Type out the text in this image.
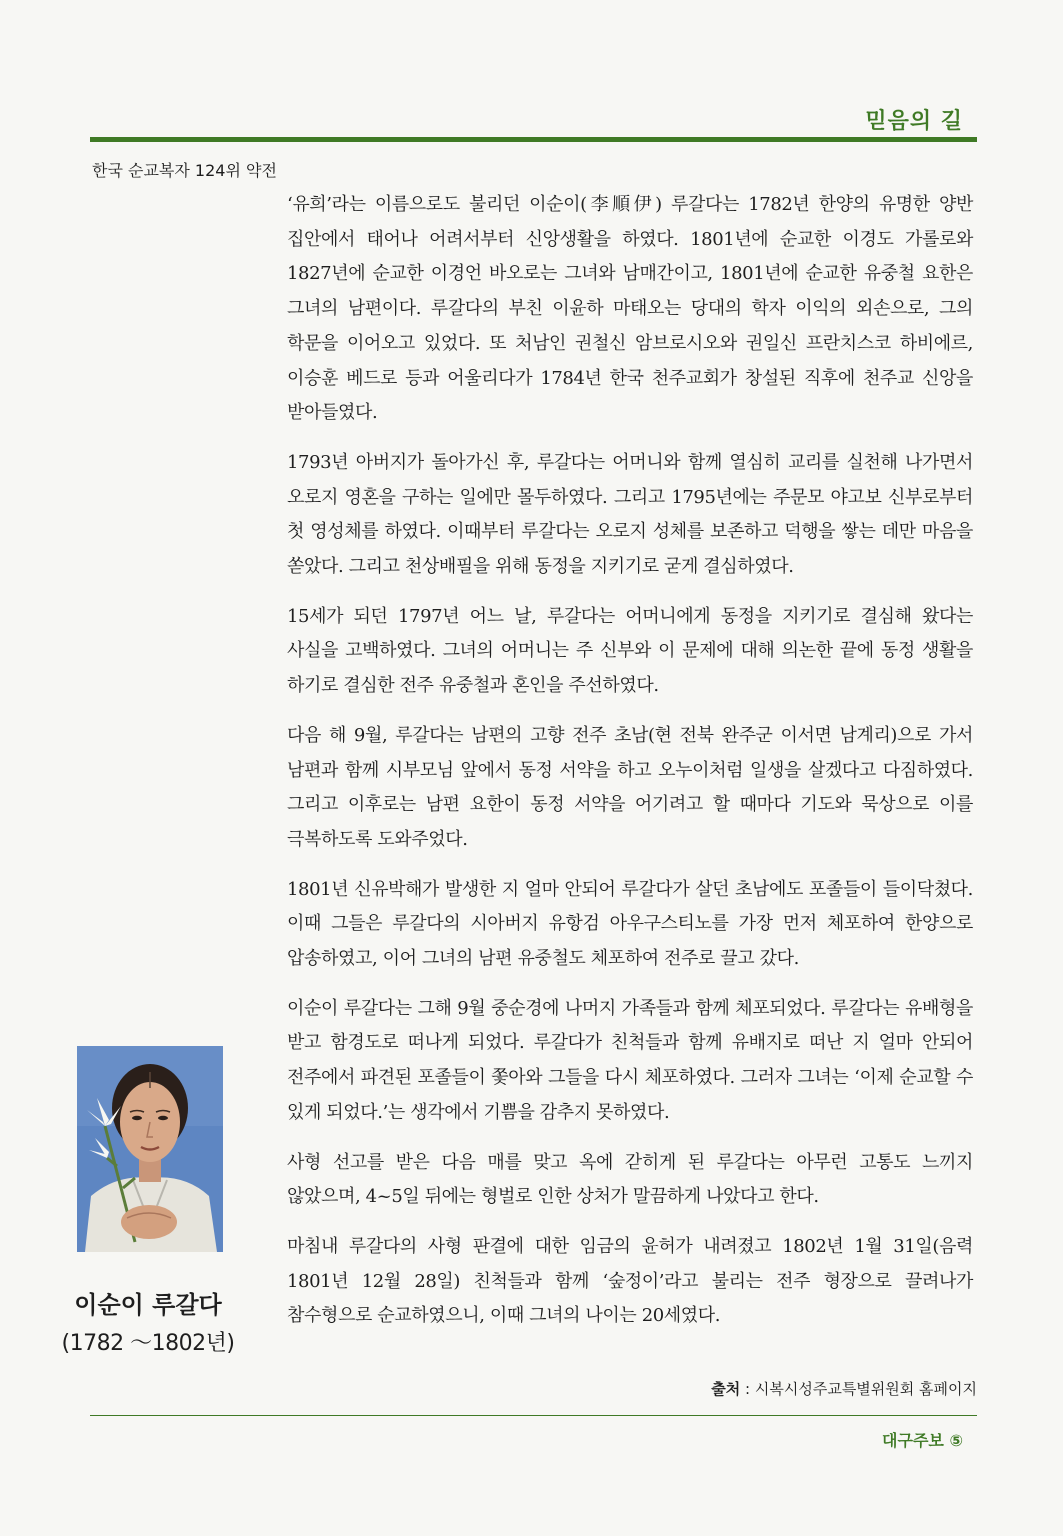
믿음의 길
한국 순교복자 124위 약전

‘유희’라는 이름으로도 불리던 이순이(李順伊) 루갈다는 1782년 한양의 유명한 양반 집안에서 태어나 어려서부터 신앙생활을 하였다. 1801년에 순교한 이경도 가롤로와 1827년에 순교한 이경언 바오로는 그녀와 남매간이고, 1801년에 순교한 유중철 요한은 그녀의 남편이다. 루갈다의 부친 이윤하 마태오는 당대의 학자 이익의 외손으로, 그의 학문을 이어오고 있었다. 또 처남인 권철신 암브로시오와 권일신 프란치스코 하비에르, 이승훈 베드로 등과 어울리다가 1784년 한국 천주교회가 창설된 직후에 천주교 신앙을 받아들였다.

1793년 아버지가 돌아가신 후, 루갈다는 어머니와 함께 열심히 교리를 실천해 나가면서 오로지 영혼을 구하는 일에만 몰두하였다. 그리고 1795년에는 주문모 야고보 신부로부터 첫 영성체를 하였다. 이때부터 루갈다는 오로지 성체를 보존하고 덕행을 쌓는 데만 마음을 쏟았다. 그리고 천상배필을 위해 동정을 지키기로 굳게 결심하였다.

15세가 되던 1797년 어느 날, 루갈다는 어머니에게 동정을 지키기로 결심해 왔다는 사실을 고백하였다. 그녀의 어머니는 주 신부와 이 문제에 대해 의논한 끝에 동정 생활을 하기로 결심한 전주 유중철과 혼인을 주선하였다.

다음 해 9월, 루갈다는 남편의 고향 전주 초남(현 전북 완주군 이서면 남계리)으로 가서 남편과 함께 시부모님 앞에서 동정 서약을 하고 오누이처럼 일생을 살겠다고 다짐하였다. 그리고 이후로는 남편 요한이 동정 서약을 어기려고 할 때마다 기도와 묵상으로 이를 극복하도록 도와주었다.

1801년 신유박해가 발생한 지 얼마 안되어 루갈다가 살던 초남에도 포졸들이 들이닥쳤다. 이때 그들은 루갈다의 시아버지 유항검 아우구스티노를 가장 먼저 체포하여 한양으로 압송하였고, 이어 그녀의 남편 유중철도 체포하여 전주로 끌고 갔다.

이순이 루갈다는 그해 9월 중순경에 나머지 가족들과 함께 체포되었다. 루갈다는 유배형을 받고 함경도로 떠나게 되었다. 루갈다가 친척들과 함께 유배지로 떠난 지 얼마 안되어 전주에서 파견된 포졸들이 쫓아와 그들을 다시 체포하였다. 그러자 그녀는 ‘이제 순교할 수 있게 되었다.’는 생각에서 기쁨을 감추지 못하였다.

사형 선고를 받은 다음 매를 맞고 옥에 갇히게 된 루갈다는 아무런 고통도 느끼지 않았으며, 4~5일 뒤에는 형벌로 인한 상처가 말끔하게 나았다고 한다.

마침내 루갈다의 사형 판결에 대한 임금의 윤허가 내려졌고 1802년 1월 31일(음력 1801년 12월 28일) 친척들과 함께 ‘숲정이’라고 불리는 전주 형장으로 끌려나가 참수형으로 순교하였으니, 이때 그녀의 나이는 20세였다.

출처 : 시복시성주교특별위원회 홈페이지
이순이 루갈다
(1782 ～1802년)
대구주보 ⑤
